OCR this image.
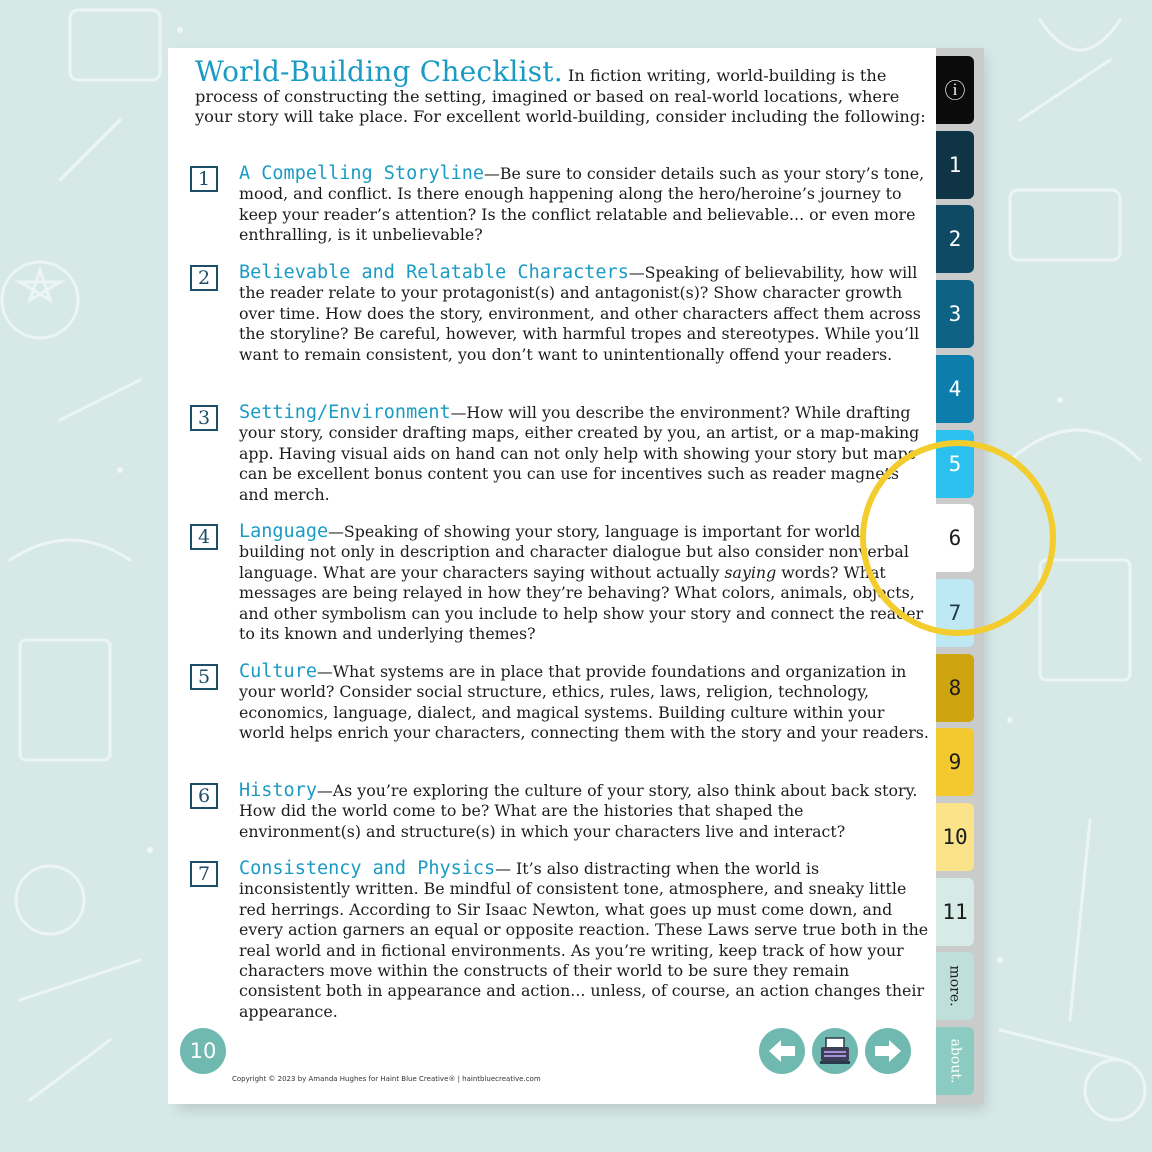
World-Building Checklist. In fiction writing, world-building is the process of constructing the setting, imagined or based on real-world locations, where your story will take place. For excellent world-building, consider including the following:
1	A Compelling Storyline—Be sure to consider details such as your story’s tone, mood, and conflict. Is there enough happening along the hero/heroine’s journey to keep your reader’s attention? Is the conflict relatable and believable... or even more enthralling, is it unbelievable?
2	Believable and Relatable Characters—Speaking of believability, how will the reader relate to your protagonist(s) and antagonist(s)? Show character growth over time. How does the story, environment, and other characters affect them across the storyline? Be careful, however, with harmful tropes and stereotypes. While you’ll want to remain consistent, you don’t want to unintentionally offend your readers.
3	Setting/Environment—How will you describe the environment? While drafting your story, consider drafting maps, either created by you, an artist, or a map-making app. Having visual aids on hand can not only help with showing your story but maps can be excellent bonus content you can use for incentives such as reader magnets and merch.
4	Language—Speaking of showing your story, language is important for world-building not only in description and character dialogue but also consider nonverbal language. What are your characters saying without actually saying words? What messages are being relayed in how they’re behaving? What colors, animals, objects, and other symbolism can you include to help show your story and connect the reader to its known and underlying themes?
5	Culture—What systems are in place that provide foundations and organization in your world? Consider social structure, ethics, rules, laws, religion, technology, economics, language, dialect, and magical systems. Building culture within your world helps enrich your characters, connecting them with the story and your readers.
6	History—As you’re exploring the culture of your story, also think about back story. How did the world come to be? What are the histories that shaped the environment(s) and structure(s) in which your characters live and interact?
7	Consistency and Physics— It’s also distracting when the world is inconsistently written. Be mindful of consistent tone, atmosphere, and sneaky little red herrings. According to Sir Isaac Newton, what goes up must come down, and every action garners an equal or opposite reaction. These Laws serve true both in the real world and in fictional environments. As you’re writing, keep track of how your characters move within the constructs of their world to be sure they remain consistent both in appearance and action... unless, of course, an action changes their appearance.
10
Copyright © 2023 by Amanda Hughes for Haint Blue Creative® | haintbluecreative.com
ⓘ
1
2
3
4
5
6
7
8
9
10
11
more.
about.
